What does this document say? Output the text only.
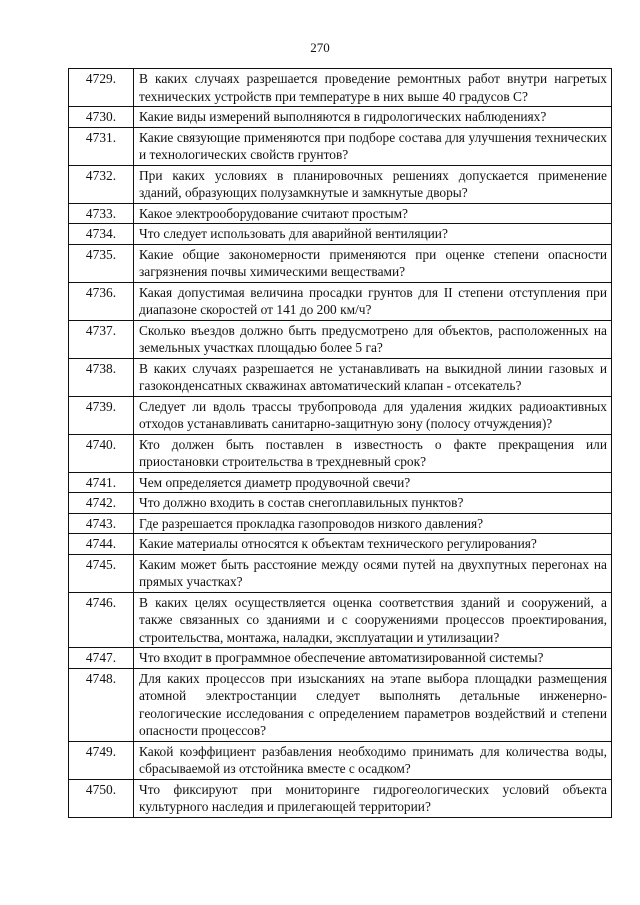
270
4729.	В каких случаях разрешается проведение ремонтных работ внутри нагретых технических устройств при температуре в них выше 40 градусов С?
4730.	Какие виды измерений выполняются в гидрологических наблюдениях?
4731.	Какие связующие применяются при подборе состава для улучшения технических и технологических свойств грунтов?
4732.	При каких условиях в планировочных решениях допускается применение зданий, образующих полузамкнутые и замкнутые дворы?
4733.	Какое электрооборудование считают простым?
4734.	Что следует использовать для аварийной вентиляции?
4735.	Какие общие закономерности применяются при оценке степени опасности загрязнения почвы химическими веществами?
4736.	Какая допустимая величина просадки грунтов для II степени отступления при диапазоне скоростей от 141 до 200 км/ч?
4737.	Сколько въездов должно быть предусмотрено для объектов, расположенных на земельных участках площадью более 5 га?
4738.	В каких случаях разрешается не устанавливать на выкидной линии газовых и газоконденсатных скважинах автоматический клапан - отсекатель?
4739.	Следует ли вдоль трассы трубопровода для удаления жидких радиоактивных отходов устанавливать санитарно-защитную зону (полосу отчуждения)?
4740.	Кто должен быть поставлен в известность о факте прекращения или приостановки строительства в трехдневный срок?
4741.	Чем определяется диаметр продувочной свечи?
4742.	Что должно входить в состав снегоплавильных пунктов?
4743.	Где разрешается прокладка газопроводов низкого давления?
4744.	Какие материалы относятся к объектам технического регулирования?
4745.	Каким может быть расстояние между осями путей на двухпутных перегонах на прямых участках?
4746.	В каких целях осуществляется оценка соответствия зданий и сооружений, а также связанных со зданиями и с сооружениями процессов проектирования, строительства, монтажа, наладки, эксплуатации и утилизации?
4747.	Что входит в программное обеспечение автоматизированной системы?
4748.	Для каких процессов при изысканиях на этапе выбора площадки размещения атомной электростанции следует выполнять детальные инженерно-геологические исследования с определением параметров воздействий и степени опасности процессов?
4749.	Какой коэффициент разбавления необходимо принимать для количества воды, сбрасываемой из отстойника вместе с осадком?
4750.	Что фиксируют при мониторинге гидрогеологических условий объекта культурного наследия и прилегающей территории?
